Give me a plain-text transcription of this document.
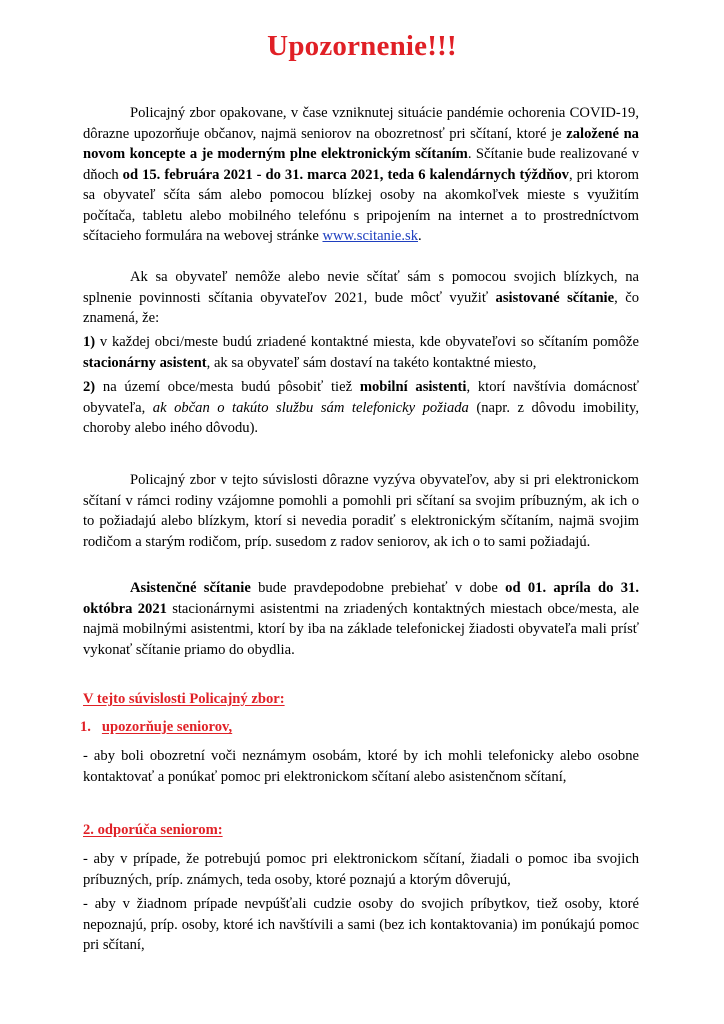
Upozornenie!!!

Policajný zbor opakovane, v čase vzniknutej situácie pandémie ochorenia COVID-19, dôrazne upozorňuje občanov, najmä seniorov na obozretnosť pri sčítaní, ktoré je založené na novom koncepte a je moderným plne elektronickým sčítaním. Sčítanie bude realizované v dňoch od 15. februára 2021 - do 31. marca 2021, teda 6 kalendárnych týždňov, pri ktorom sa obyvateľ sčíta sám alebo pomocou blízkej osoby na akomkoľvek mieste s využitím počítača, tabletu alebo mobilného telefónu s pripojením na internet a to prostredníctvom sčítacieho formulára na webovej stránke www.scitanie.sk.

Ak sa obyvateľ nemôže alebo nevie sčítať sám s pomocou svojich blízkych, na splnenie povinnosti sčítania obyvateľov 2021, bude môcť využiť asistované sčítanie, čo znamená, že:

1) v každej obci/meste budú zriadené kontaktné miesta, kde obyvateľovi so sčítaním pomôže stacionárny asistent, ak sa obyvateľ sám dostaví na takéto kontaktné miesto,

2) na území obce/mesta budú pôsobiť tiež mobilní asistenti, ktorí navštívia domácnosť obyvateľa, ak občan o takúto službu sám telefonicky požiada (napr. z dôvodu imobility, choroby alebo iného dôvodu).

Policajný zbor v tejto súvislosti dôrazne vyzýva obyvateľov, aby si pri elektronickom sčítaní v rámci rodiny vzájomne pomohli a pomohli pri sčítaní sa svojim príbuzným, ak ich o to požiadajú alebo blízkym, ktorí si nevedia poradiť s elektronickým sčítaním, najmä svojim rodičom a starým rodičom, príp. susedom z radov seniorov, ak ich o to sami požiadajú.

Asistenčné sčítanie bude pravdepodobne prebiehať v dobe od 01. apríla do 31. októbra 2021 stacionárnymi asistentmi na zriadených kontaktných miestach obce/mesta, ale najmä mobilnými asistentmi, ktorí by iba na základe telefonickej žiadosti obyvateľa mali prísť vykonať sčítanie priamo do obydlia.

V tejto súvislosti Policajný zbor:

1. upozorňuje seniorov,

- aby boli obozretní voči neznámym osobám, ktoré by ich mohli telefonicky alebo osobne kontaktovať a ponúkať pomoc pri elektronickom sčítaní alebo asistenčnom sčítaní,

2. odporúča seniorom:

- aby v prípade, že potrebujú pomoc pri elektronickom sčítaní, žiadali o pomoc iba svojich príbuzných, príp. známych, teda osoby, ktoré poznajú a ktorým dôverujú,

- aby v žiadnom prípade nevpúšťali cudzie osoby do svojich príbytkov, tiež osoby, ktoré nepoznajú, príp. osoby, ktoré ich navštívili a sami (bez ich kontaktovania) im ponúkajú pomoc pri sčítaní,
